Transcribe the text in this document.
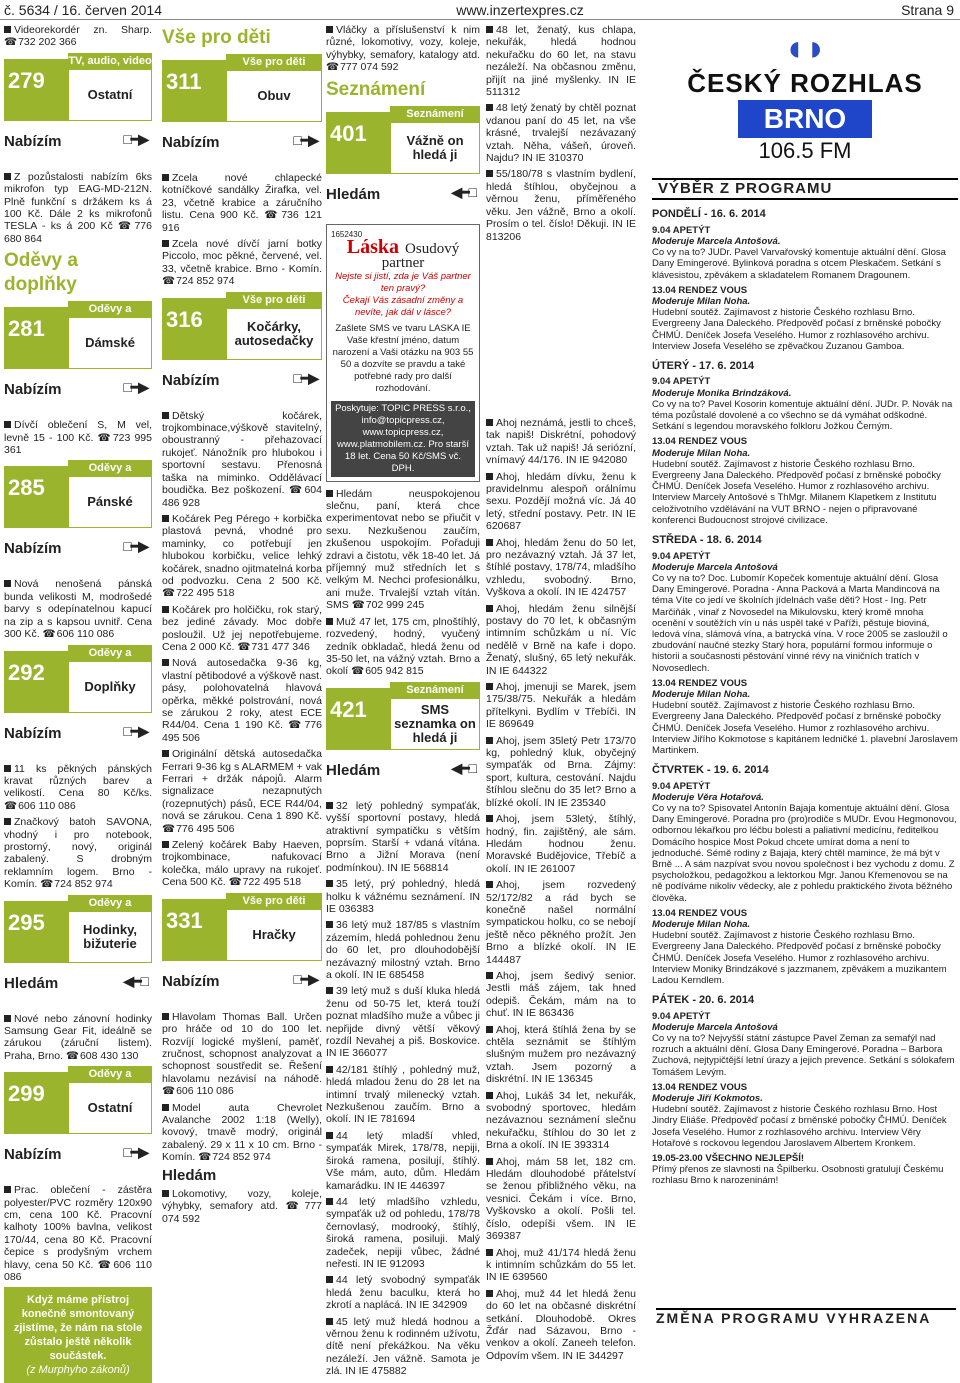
č. 5634 / 16. červen 2014	www.inzertexpres.cz	Strana 9
Videorekordér zn. Sharp. ☎ 732 202 366
TV, audio, video
Ostatní
279
Nabízím	□━▶
Z pozůstalosti nabízím 6ks mikrofon typ EAG-MD-212N. Plně funkční s držákem ks á 100 Kč. Dále 2 ks mikrofonů TESLA - ks á 200 Kč ☎ 776 680 864
Oděvy a doplňky
Oděvy a
Dámské
281
Nabízím	□━▶
Dívčí oblečení S, M vel, levně 15 - 100 Kč. ☎ 723 995 361
Oděvy a
Pánské
285
Nabízím	□━▶
Nová nenošená pánská bunda velikosti M, modrošedé barvy s odepínatelnou kapucí na zip a s kapsou uvnitř. Cena 300 Kč. ☎ 606 110 086
Oděvy a
Doplňky
292
Nabízím	□━▶
11 ks pěkných pánských kravat různých barev a velikostí. Cena 80 Kč/ks. ☎ 606 110 086
Značkový batoh SAVONA, vhodný i pro notebook, prostorný, nový, originál zabalený. S drobným reklamním logem. Brno - Komín. ☎ 724 852 974
Oděvy a
Hodinky, bižuterie
295
Hledám	◀━□
Nové nebo zánovní hodinky Samsung Gear Fit, ideálně se zárukou (záruční listem). Praha, Brno. ☎ 608 430 130
Oděvy a
Ostatní
299
Nabízím	□━▶
Prac. oblečení - zástěra polyester/PVC rozměry 120x90 cm, cena 100 Kč. Pracovní kalhoty 100% bavlna, velikost 170/44, cena 80 Kč. Pracovní čepice s prodyšným vrchem hlavy, cena 50 Kč. ☎ 606 110 086
Když máme přístroj konečně smontovaný zjistíme, že nám na stole zůstalo ještě několik součástek.
(z Murphyho zákonů)
Vše pro děti
Vše pro děti
Obuv
311
Nabízím	□━▶
Zcela nové chlapecké kotníčkové sandálky Žirafka, vel. 23, včetně krabice a záručního listu. Cena 900 Kč. ☎ 736 121 916
Zcela nové dívčí jarní botky Piccolo, moc pěkné, červené, vel. 33, včetně krabice. Brno - Komín. ☎ 724 852 974
Vše pro děti
Kočárky, autosedačky
316
Nabízím	□━▶
Dětský kočárek, trojkombinace,výškově stavitelný, oboustranný - přehazovací rukojeť. Nánožník pro hlubokou i sportovní sestavu. Přenosná taška na miminko. Oddělávací boudička. Bez poškození. ☎ 604 486 928
Kočárek Peg Pérego + korbička plastová pevná, vhodné pro maminky, co potřebují jen hlubokou korbičku, velice lehký kočárek, snadno ojitmatelná korba od podvozku. Cena 2 500 Kč. ☎ 722 495 518
Kočárek pro holčičku, rok starý, bez jediné závady. Moc dobře posloužil. Už jej nepotřebujeme. Cena 2 000 Kč. ☎ 731 477 346
Nová autosedačka 9-36 kg, vlastní pětibodové a výškově nast. pásy, polohovatelná hlavová opěrka, měkké polstrování, nová se zárukou 2 roky, atest ECE R44/04. Cena 1 190 Kč. ☎ 776 495 506
Originální dětská autosedačka Ferrari 9-36 kg s ALARMEM + vak Ferrari + držák nápojů. Alarm signalizace nezapnutých (rozepnutých) pásů, ECE R44/04, nová se zárukou. Cena 1 890 Kč. ☎ 776 495 506
Zelený kočárek Baby Haeven, trojkombinace, nafukovací kolečka, málo upravy na rukojeť. Cena 500 Kč. ☎ 722 495 518
Vše pro děti
Hračky
331
Nabízím	□━▶
Hlavolam Thomas Ball. Určen pro hráče od 10 do 100 let. Rozvíjí logické myšlení, paměť, zručnost, schopnost analyzovat a schopnost soustředit se. Řešení hlavolamu nezávisí na náhodě. ☎ 606 110 086
Model auta Chevrolet Avalanche 2002 1:18 (Welly), kovový, tmavě modrý, originál zabalený. 29 x 11 x 10 cm. Brno - Komín. ☎ 724 852 974
Hledám
Lokomotivy, vozy, koleje, výhybky, semafory atd.	☎ 777 074 592
Vláčky a příslušenství k nim různé, lokomotivy, vozy, koleje, výhybky, semafory, katalogy atd. ☎ 777 074 592
Seznámení
Seznámení
Vážně on hledá ji
401
Hledám	◀━□
1652430
Láska Osudový partner
Nejste si jistí, zda je Váš partner ten pravý?
Čekají Vás zásadní změny a nevíte, jak dál v lásce?
Zašlete SMS ve tvaru LASKA IE Vaše křestní jméno, datum narození a Vaši otázku na 903 55 50 a dozvíte se pravdu a také potřebné rady pro další rozhodování.
Poskytuje: TOPIC PRESS s.r.o., info@topicpress.cz, www.topicpress.cz, www.platmobilem.cz. Pro starší 18 let. Cena 50 Kč/SMS vč. DPH.
Hledám neuspokojenou slečnu, paní, která chce experimentovat nebo se přiučit v sexu. Nezkušenou zaučím, zkušenou uspokojím. Pořaduji zdravi a čistotu, věk 18-40 let. Já příjemný muž středních let s velkým M. Nechci profesionálku, ani muže. Trvalejší vztah vítán. SMS ☎ 702 999 245
Muž 47 let, 175 cm, plnoštíhlý, rozvedený, hodný, vyučený zedník obkladač, hledá ženu od 35-50 let, na vážný vztah. Brno a okolí ☎ 605 942 815
Seznámení
SMS seznamka on hledá ji
421
Hledám	◀━□
32 letý pohledný sympaťák, vyšší sportovní postavy, hledá atraktivní sympatičku s větším poprsím. Starší + vdaná vítána. Brno a Jižní Morava (není podmínkou). IN IE 568814
35 letý, prý pohledný, hledá holku k vážnému seznámení. IN IE 036383
36 letý muž 187/85 s vlastním zázemím, hledá pohlednou ženu do 60 let, pro dlouhodobější nezávazný milostný vztah. Brno a okolí. IN IE 685458
39 letý muž s duší kluka hledá ženu od 50-75 let, která touží poznat mladšího muže a vůbec ji nepřijde divný větší věkový rozdíl Nevahej a piš. Boskovice. IN IE 366077
42/181 štíhlý , pohledný muž, hledá mladou ženu do 28 let na intimní trvalý milenecký vztah. Nezkušenou zaučím. Brno a okolí. IN IE 781694
44 letý mladší vhled, sympaťák Mirek, 178/78, nepiji, široká ramena, posilují, štíhlý. Vše mám, auto, dům. Hledám kamarádku. IN IE 446397
44 letý mladšího vzhledu, sympaťák už od pohledu, 178/78 černovlasý, modrooký, štíhlý, široká ramena, posiluji. Malý zadeček, nepiji vůbec, žádné neřesti. IN IE 912093
44 letý svobodný sympaťák hledá ženu baculku, která ho zkrotí a naplácá. IN IE 342909
45 letý muž hledá hodnou a věrnou ženu k rodinném užívotu, dítě není překážkou. Na věku nezáleží. Jen vážně. Samota je zlá. IN IE 475882
48 let, ženatý, kus chlapa, nekuřák, hledá hodnou nekuřačku do 60 let, na stavu nezáleží. Na občasnou změnu, přijít na jiné myšlenky. IN IE 511312
48 letý ženatý by chtěl poznat vdanou paní do 45 let, na vše krásné, trvalejší nezávazaný vztah. Něha, vášeň, úroveň. Najdu? IN IE 310370
55/180/78 s vlastním bydlení, hledá štíhlou, obyčejnou a věrnou ženu, příměřeného věku. Jen vážně, Brno a okolí. Prosím o tel. číslo! Děkuji. IN IE 813206
Ahoj neznámá, jestli to chceš, tak napiš! Diskrétní, pohodový vztah. Tak už napiš! Já seriózní, vnímavý 44/176. IN IE 942080
Ahoj, hledám dívku, ženu k pravidelnmu alespoň orálnímu sexu. Pozdějí možná víc. Já 40 letý, střední postavy. Petr. IN IE 620687
Ahoj, hledám ženu do 50 let, pro nezávazný vztah. Já 37 let, štíhlé postavy, 178/74, mladšího vzhledu, svobodný. Brno, Vyškova a okolí. IN IE 424757
Ahoj, hledám ženu silnější postavy do 70 let, k občasným intimním schůzkám u ní. Víc nedělě v Brně na kafe i dopo. Ženatý, slušný, 65 letý nekuřák. IN IE 644322
Ahoj, jmenuji se Marek, jsem 175/38/75. Nekuřák a hledám přítelkyni. Bydlím v Třebíči. IN IE 869649
Ahoj, jsem 35letý Petr 173/70 kg, pohledný kluk, obyčejný sympaťák od Brna. Zájmy: sport, kultura, cestování. Najdu štíhlou slečnu do 35 let? Brno a blízké okolí. IN IE 235340
Ahoj, jsem 53letý, štíhlý, hodný, fin. zajištěný, ale sám. Hledám hodnou ženu. Moravské Budějovice, Třebíč a okolí. IN IE 261007
Ahoj, jsem rozvedený 52/172/82 a rád bych se konečně našel normální sympatickou holku, co se nebojí ještě něco pěkného prožít. Jen Brno a blízké okolí. IN IE 144487
Ahoj, jsem šedivý senior. Jestli máš zájem, tak hned odepiš. Čekám, mám na to chuť. IN IE 863436
Ahoj, která štíhlá žena by se chtěla seznámit se štíhlým slušným mužem pro nezávazný vztah. Jsem pozorný a diskrétní. IN IE 136345
Ahoj, Lukáš 34 let, nekuřák, svobodný sportovec, hledám nezávaznou seznámení slečnu nekuřačku, štíhlou do 30 let z Brna a okolí. IN IE 393314
Ahoj, mám 58 let, 182 cm. Hledám dlouhodobé přátelství se ženou přibližného věku, na vesnici. Čekám i více. Brno, Vyškovsko a okolí. Pošli tel. číslo, odepíši všem. IN IE 369387
Ahoj, muž 41/174 hledá ženu k intimním schůzkám do 55 let. IN IE 639560
Ahoj, muž 44 let hledá ženu do 60 let na občasné diskrétní setkání. Dlouhodobě. Okres Žďár nad Sázavou, Brno - venkov a okolí. Zaneeh telefon. Odpovím všem. IN IE 344297
◖◗
ČESKÝ ROZHLAS
BRNO
106.5 FM
VÝBĚR Z PROGRAMU
PONDĚLÍ - 16. 6. 2014
9.04 APETÝT
Moderuje Marcela Antošová.
Co vy na to? JUDr. Pavel Varvařovský komentuje aktuální dění. Glosa Dany Emingerové. Bylinková poradna s otcem Pleskačem. Setkání s klávesistou, zpěvákem a skladatelem Romanem Dragounem.
13.04 RENDEZ VOUS
Moderuje Milan Noha.
Hudební soutěž. Zajímavost z historie Českého rozhlasu Brno. Evergreeny Jana Daleckého. Předpověď počasí z brněnské pobočky ČHMÚ. Deníček Josefa Veselého. Humor z rozhlasového archivu. Interview Josefa Veselého se zpěvačkou Zuzanou Gamboa.
ÚTERÝ - 17. 6. 2014
9.04 APETÝT
Moderuje Monika Brindzáková.
Co vy na to? Pavel Kosorin komentuje aktuální dění. JUDr. P. Novák na téma pozůstalé dovolené a co všechno se dá vymáhat odškodné. Setkání s legendou moravského folkloru Jožkou Černým.
13.04 RENDEZ VOUS
Moderuje Milan Noha.
Hudební soutěž. Zajímavost z historie Českého rozhlasu Brno. Evergreeny Jana Daleckého. Předpověď počasí z brněnské pobočky ČHMÚ. Deníček Josefa Veselého. Humor z rozhlasového archivu. Interview Marcely Antošové s ThMgr. Milanem Klapetkem z Institutu celoživotního vzdělávání na VUT BRNO - nejen o připravované konferenci Budoucnost strojové civilizace.
STŘEDA - 18. 6. 2014
9.04 APETÝT
Moderuje Marcela Antošová
Co vy na to? Doc. Lubomír Kopeček komentuje aktuální dění. Glosa Dany Emingerové. Poradna - Anna Packová a Marta Mandincová na téma Víte co jedí ve školních jídelnách vaše děti? Host - Ing. Petr Marčiňák , vinař z Novosedel na Mikulovsku, který kromě mnoha ocenění v soutěžích vín u nás uspěl také v Paříži, pěstuje bioviná, ledová vína, slámová vína, a batrycká vína. V roce 2005 se zasloužil o zbudování naučné stezky Starý hora, populární formou informuje o historii a současnosti pěstování vinné révy na viničních tratích v Novosedlech.
13.04 RENDEZ VOUS
Moderuje Milan Noha.
Hudební soutěž. Zajímavost z historie Českého rozhlasu Brno. Evergreeny Jana Daleckého. Předpověď počasí z brněnské pobočky ČHMÚ. Deníček Josefa Veselého. Humor z rozhlasového archivu. Interview Jiřího Kokmotose s kapitánem ledničké 1. plavební Jaroslavem Martinkem.
ČTVRTEK - 19. 6. 2014
9.04 APETÝT
Moderuje Věra Hotařová.
Co vy na to? Spisovatel Antonín Bajaja komentuje aktuální dění. Glosa Dany Emingerové. Poradna pro (pro)rodiče s MUDr. Evou Hegmonovou, odbornou lékařkou pro léčbu bolesti a paliativní medicínu, ředitelkou Domácího hospice Most Pokud chcete umírat doma a není to jednoduché. Sémě rodiny z Bajaja, který chtěl mamince, že má být v Brně ... A sám nazpívat svou novou společnost i bez vychodu z domu. Z psycholožkou, pedagožkou a lektorkou Mgr. Janou Křemenovou se na ně podíváme nikoliv vědecky, ale z pohledu praktického života běžného člověka.
13.04 RENDEZ VOUS
Moderuje Milan Noha.
Hudební soutěž. Zajímavost z historie Českého rozhlasu Brno. Evergreeny Jana Daleckého. Předpověď počasí z brněnské pobočky ČHMÚ. Deníček Josefa Veselého. Humor z rozhlasového archivu. Interview Moniky Brindzákové s jazzmanem, zpěvákem a muzikantem Ladou Kerndlem.
PÁTEK - 20. 6. 2014
9.04 APETÝT
Moderuje Marcela Antošová
Co vy na to? Nejvyšší státní zástupce Pavel Zeman za semafýl nad rozruch a aktuální dění. Glosa Dany Emingerové. Poradna – Barbora Zuchová, nejtypičtější letní úrazy a jejich prevence. Setkání s sólokafem Tomášem Levým.
13.04 RENDEZ VOUS
Moderuje Jiří Kokmotos.
Hudební soutěž. Zajímavost z historie Českého rozhlasu Brno. Host Jindry Eliáše. Předpověď počasí z brněnské pobočky ČHMÚ. Deníček Josefa Veselého. Humor z rozhlasového archivu. Interview Věry Hotařové s rockovou legendou Jaroslavem Albertem Kronkem.
19.05-23.00 VŠECHNO NEJLEPŠÍ!
Přímý přenos ze slavnosti na Špilberku. Osobnosti gratulují Českému rozhlasu Brno k narozeninám!
ZMĚNA PROGRAMU VYHRAZENA
